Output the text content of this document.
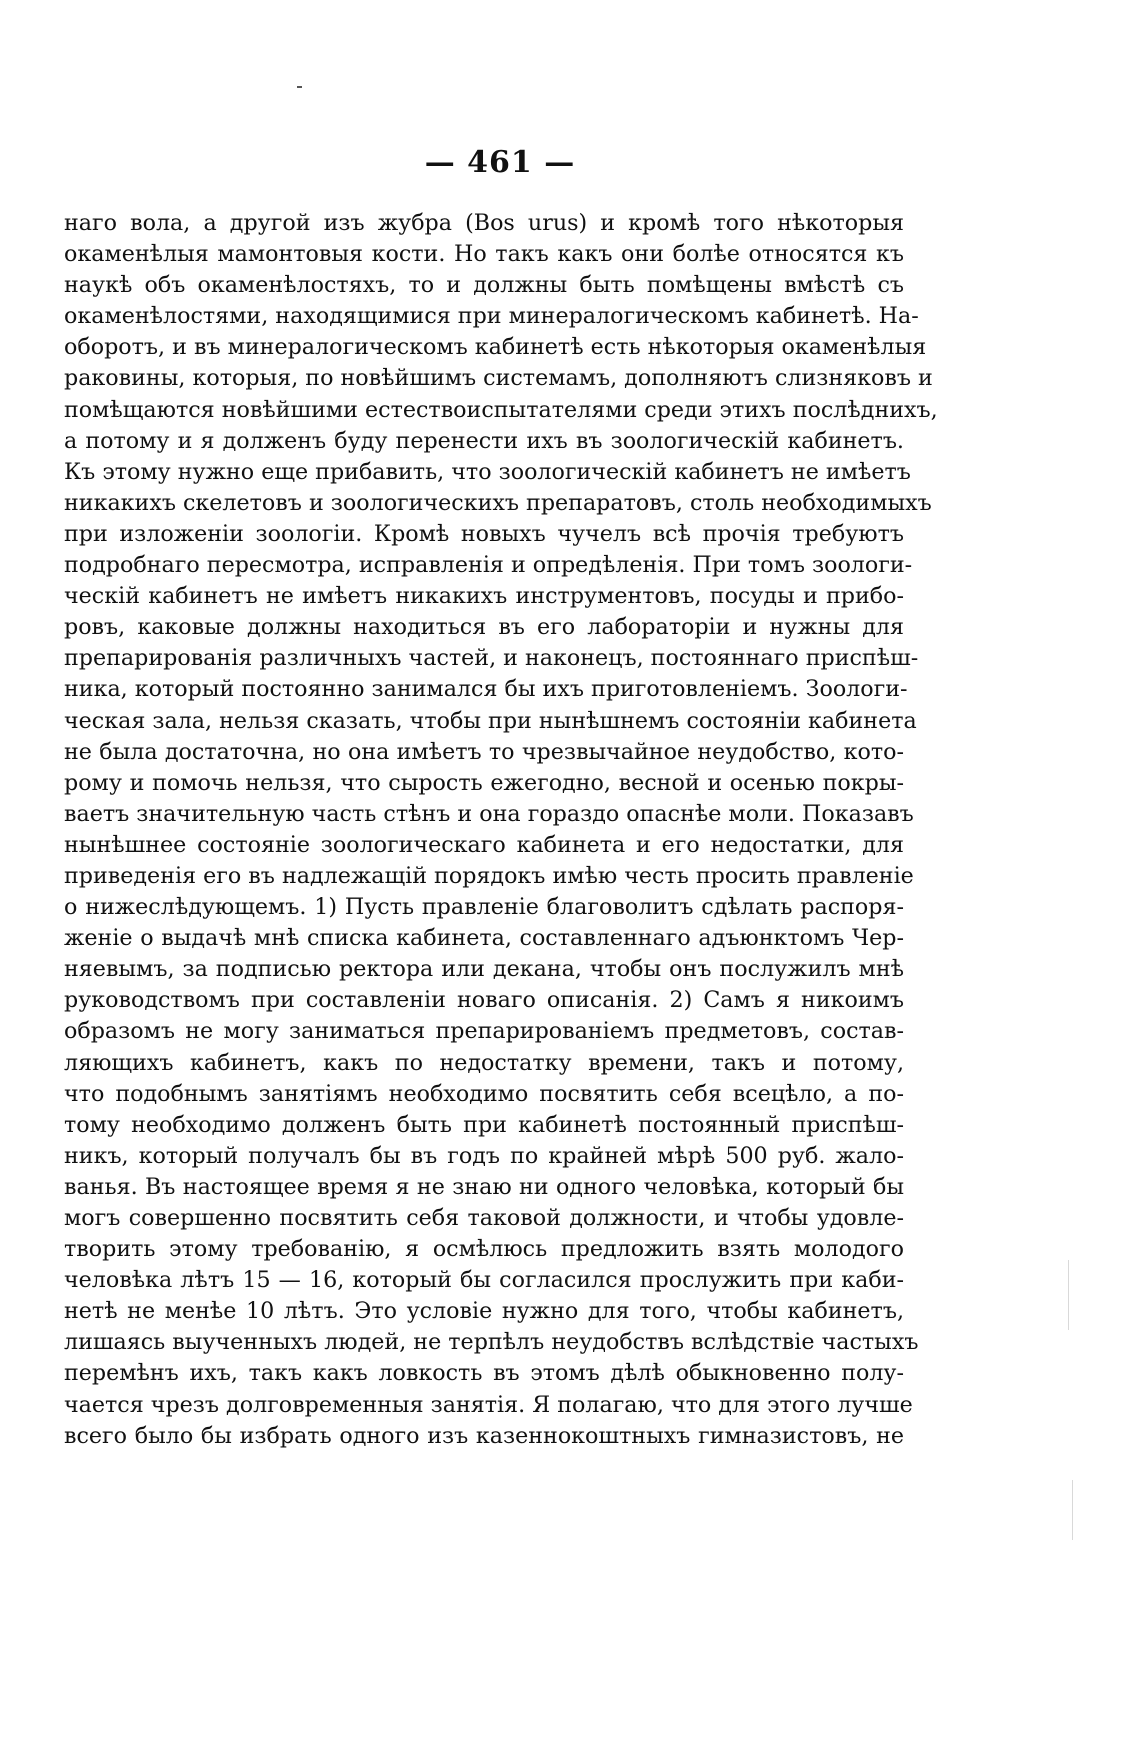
— 461 —
наго вола, а другой изъ жубра (Bos urus) и кромѣ того нѣкоторыя
окаменѣлыя мамонтовыя кости. Но такъ какъ они болѣе относятся къ
наукѣ объ окаменѣлостяхъ, то и должны быть помѣщены вмѣстѣ съ
окаменѣлостями, находящимися при минералогическомъ кабинетѣ. На-
оборотъ, и въ минералогическомъ кабинетѣ есть нѣкоторыя окаменѣлыя
раковины, которыя, по новѣйшимъ системамъ, дополняютъ слизняковъ и
помѣщаются новѣйшими естествоиспытателями среди этихъ послѣднихъ,
а потому и я долженъ буду перенести ихъ въ зоологическій кабинетъ.
Къ этому нужно еще прибавить, что зоологическій кабинетъ не имѣетъ
никакихъ скелетовъ и зоологическихъ препаратовъ, столь необходимыхъ
при изложеніи зоологіи. Кромѣ новыхъ чучелъ всѣ прочія требуютъ
подробнаго пересмотра, исправленія и опредѣленія. При томъ зоологи-
ческій кабинетъ не имѣетъ никакихъ инструментовъ, посуды и прибо-
ровъ, каковые должны находиться въ его лабораторіи и нужны для
препарированія различныхъ частей, и наконецъ, постояннаго приспѣш-
ника, который постоянно занимался бы ихъ приготовленіемъ. Зоологи-
ческая зала, нельзя сказать, чтобы при нынѣшнемъ состояніи кабинета
не была достаточна, но она имѣетъ то чрезвычайное неудобство, кото-
рому и помочь нельзя, что сырость ежегодно, весной и осенью покры-
ваетъ значительную часть стѣнъ и она гораздо опаснѣе моли. Показавъ
нынѣшнее состояніе зоологическаго кабинета и его недостатки, для
приведенія его въ надлежащій порядокъ имѣю честь просить правленіе
о нижеслѣдующемъ. 1) Пусть правленіе благоволитъ сдѣлать распоря-
женіе о выдачѣ мнѣ списка кабинета, составленнаго адъюнктомъ Чер-
няевымъ, за подписью ректора или декана, чтобы онъ послужилъ мнѣ
руководствомъ при составленіи новаго описанія. 2) Самъ я никоимъ
образомъ не могу заниматься препарированіемъ предметовъ, состав-
ляющихъ кабинетъ, какъ по недостатку времени, такъ и потому,
что подобнымъ занятіямъ необходимо посвятить себя всецѣло, а по-
тому необходимо долженъ быть при кабинетѣ постоянный приспѣш-
никъ, который получалъ бы въ годъ по крайней мѣрѣ 500 руб. жало-
ванья. Въ настоящее время я не знаю ни одного человѣка, который бы
могъ совершенно посвятить себя таковой должности, и чтобы удовле-
творить этому требованію, я осмѣлюсь предложить взять молодого
человѣка лѣтъ 15 — 16, который бы согласился прослужить при каби-
нетѣ не менѣе 10 лѣтъ. Это условіе нужно для того, чтобы кабинетъ,
лишаясь выученныхъ людей, не терпѣлъ неудобствъ вслѣдствіе частыхъ
перемѣнъ ихъ, такъ какъ ловкость въ этомъ дѣлѣ обыкновенно полу-
чается чрезъ долговременныя занятія. Я полагаю, что для этого лучше
всего было бы избрать одного изъ казеннокоштныхъ гимназистовъ, не
